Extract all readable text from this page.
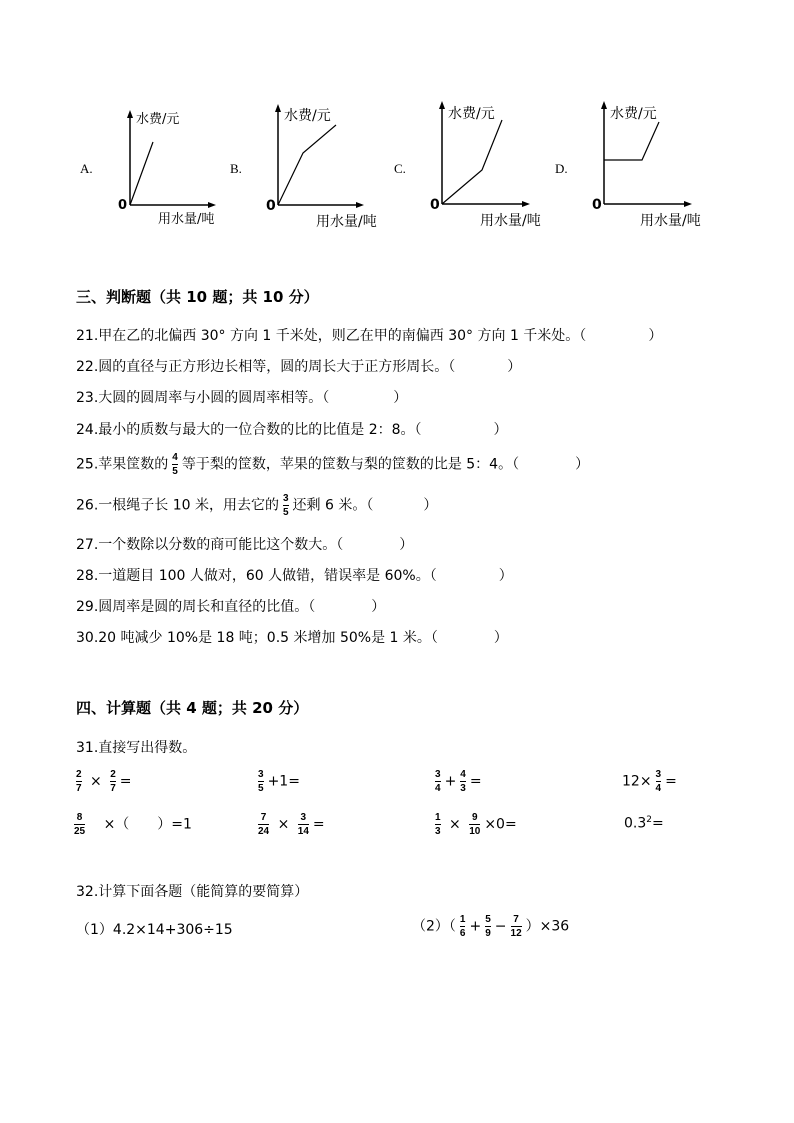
A.
水费/元
用水量/吨
0
B.
水费/元
用水量/吨
0
C.
水费/元
用水量/吨
0
D.
水费/元
用水量/吨
0
三、判断题（共 10 题；共 10 分）
21.甲在乙的北偏西 30° 方向 1 千米处，则乙在甲的南偏西 30° 方向 1 千米处。（	）
22.圆的直径与正方形边长相等，圆的周长大于正方形周长。（	）
23.大圆的圆周率与小圆的圆周率相等。（	）
24.最小的质数与最大的一位合数的比的比值是 2：8。（	）
25.苹果筐数的 $\frac{4}{5}$ 等于梨的筐数，苹果的筐数与梨的筐数的比是 5：4。（	）
26.一根绳子长 10 米，用去它的 $\frac{3}{5}$ 还剩 6 米。（	）
27.一个数除以分数的商可能比这个数大。（	）
28.一道题目 100 人做对，60 人做错，错误率是 60%。（	）
29.圆周率是圆的周长和直径的比值。（	）
30.20 吨减少 10%是 18 吨；0.5 米增加 50%是 1 米。（	）
四、计算题（共 4 题；共 20 分）
31.直接写出得数。
$\frac{2}{7} \times \frac{2}{7}$ =	$\frac{3}{5} +1=$	$\frac{3}{4} + \frac{4}{3}$ =	$12\times \frac{3}{4}$ =
$\frac{8}{25}$ ×（　　）=1	$\frac{7}{24} \times \frac{3}{14}$ =	$\frac{1}{3} \times \frac{9}{10} \times 0=$	$0.3^2=$
32.计算下面各题（能简算的要简算）
（1）4.2×14+306÷15	$(2)( \frac{1}{6} + \frac{5}{9} - \frac{7}{12} )\times 36$
